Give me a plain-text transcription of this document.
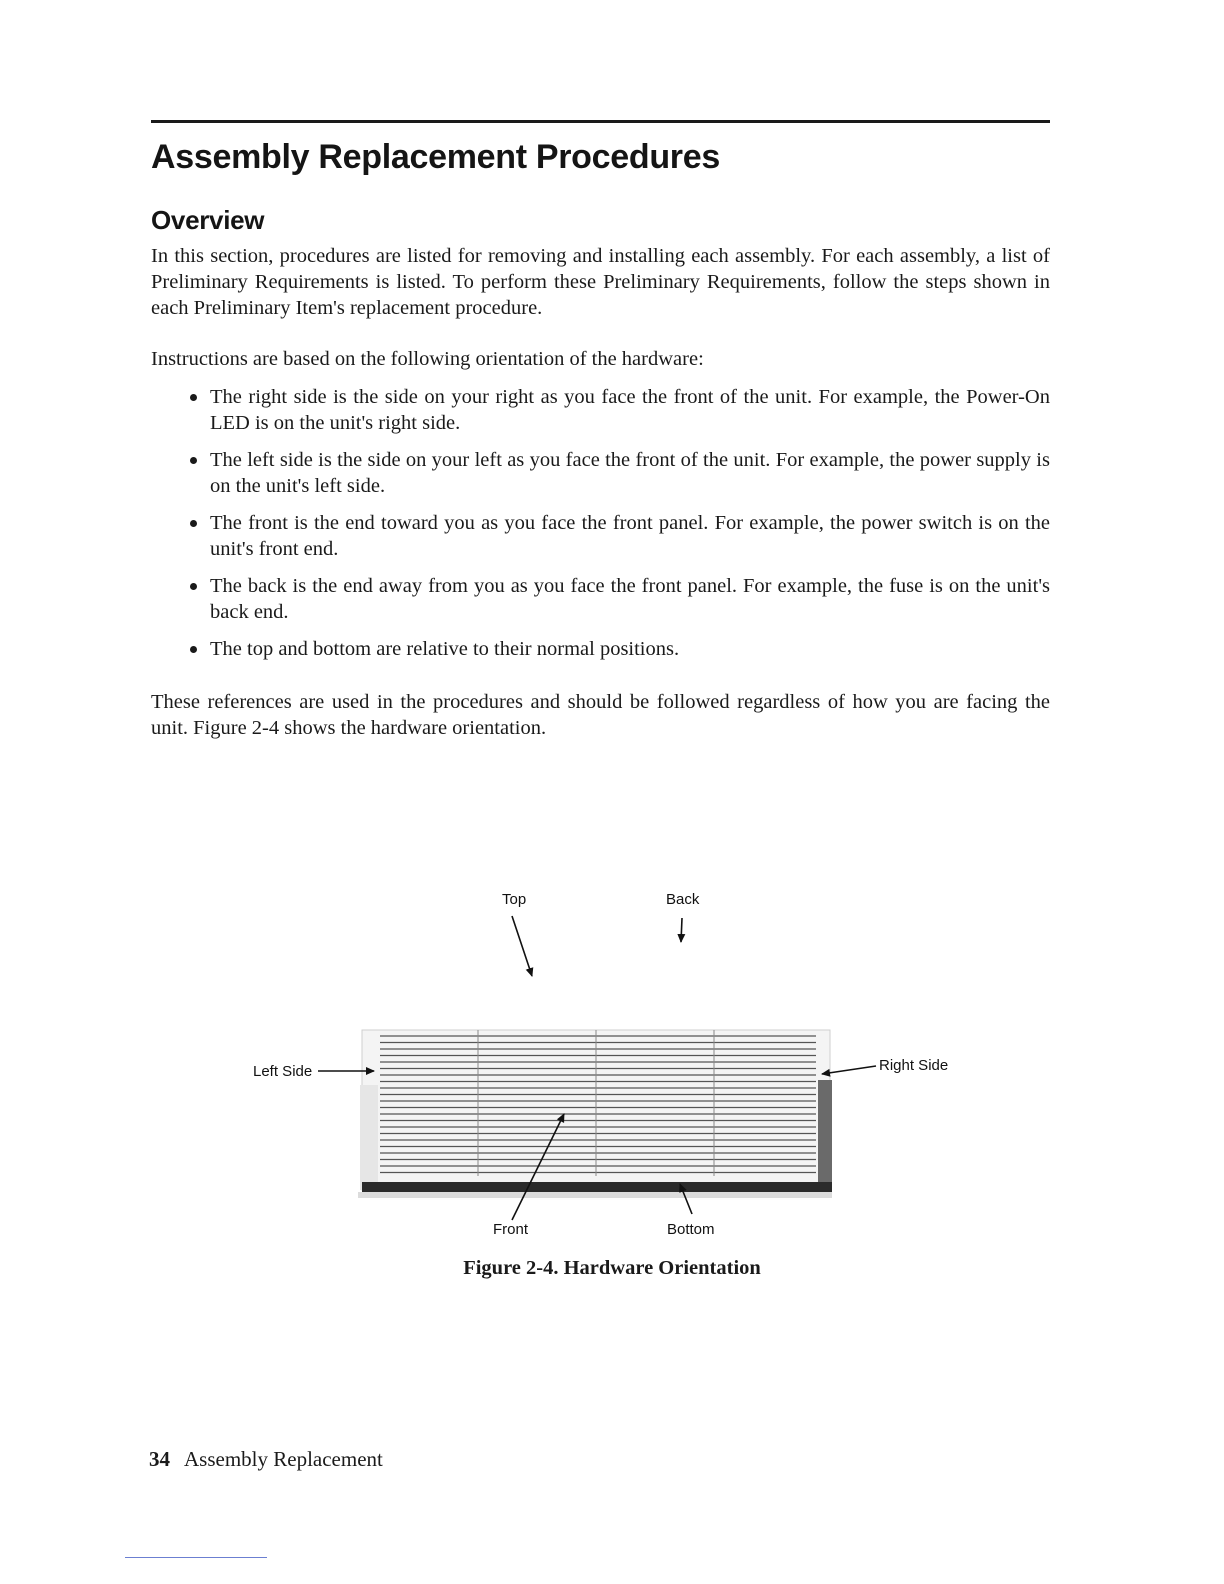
Assembly Replacement Procedures
Overview

In this section, procedures are listed for removing and installing each assembly. For each assembly, a list of Preliminary Requirements is listed. To perform these Preliminary Requirements, follow the steps shown in each Preliminary Item's replacement procedure.

Instructions are based on the following orientation of the hardware:

The right side is the side on your right as you face the front of the unit. For example, the Power-On LED is on the unit's right side.
The left side is the side on your left as you face the front of the unit. For example, the power supply is on the unit's left side.
The front is the end toward you as you face the front panel. For example, the power switch is on the unit's front end.
The back is the end away from you as you face the front panel. For example, the fuse is on the unit's back end.
The top and bottom are relative to their normal positions.

These references are used in the procedures and should be followed regardless of how you are facing the unit. Figure 2-4 shows the hardware orientation.

Top	Back
Left Side	Right Side
Front	Bottom
Figure 2-4. Hardware Orientation
34 Assembly Replacement
